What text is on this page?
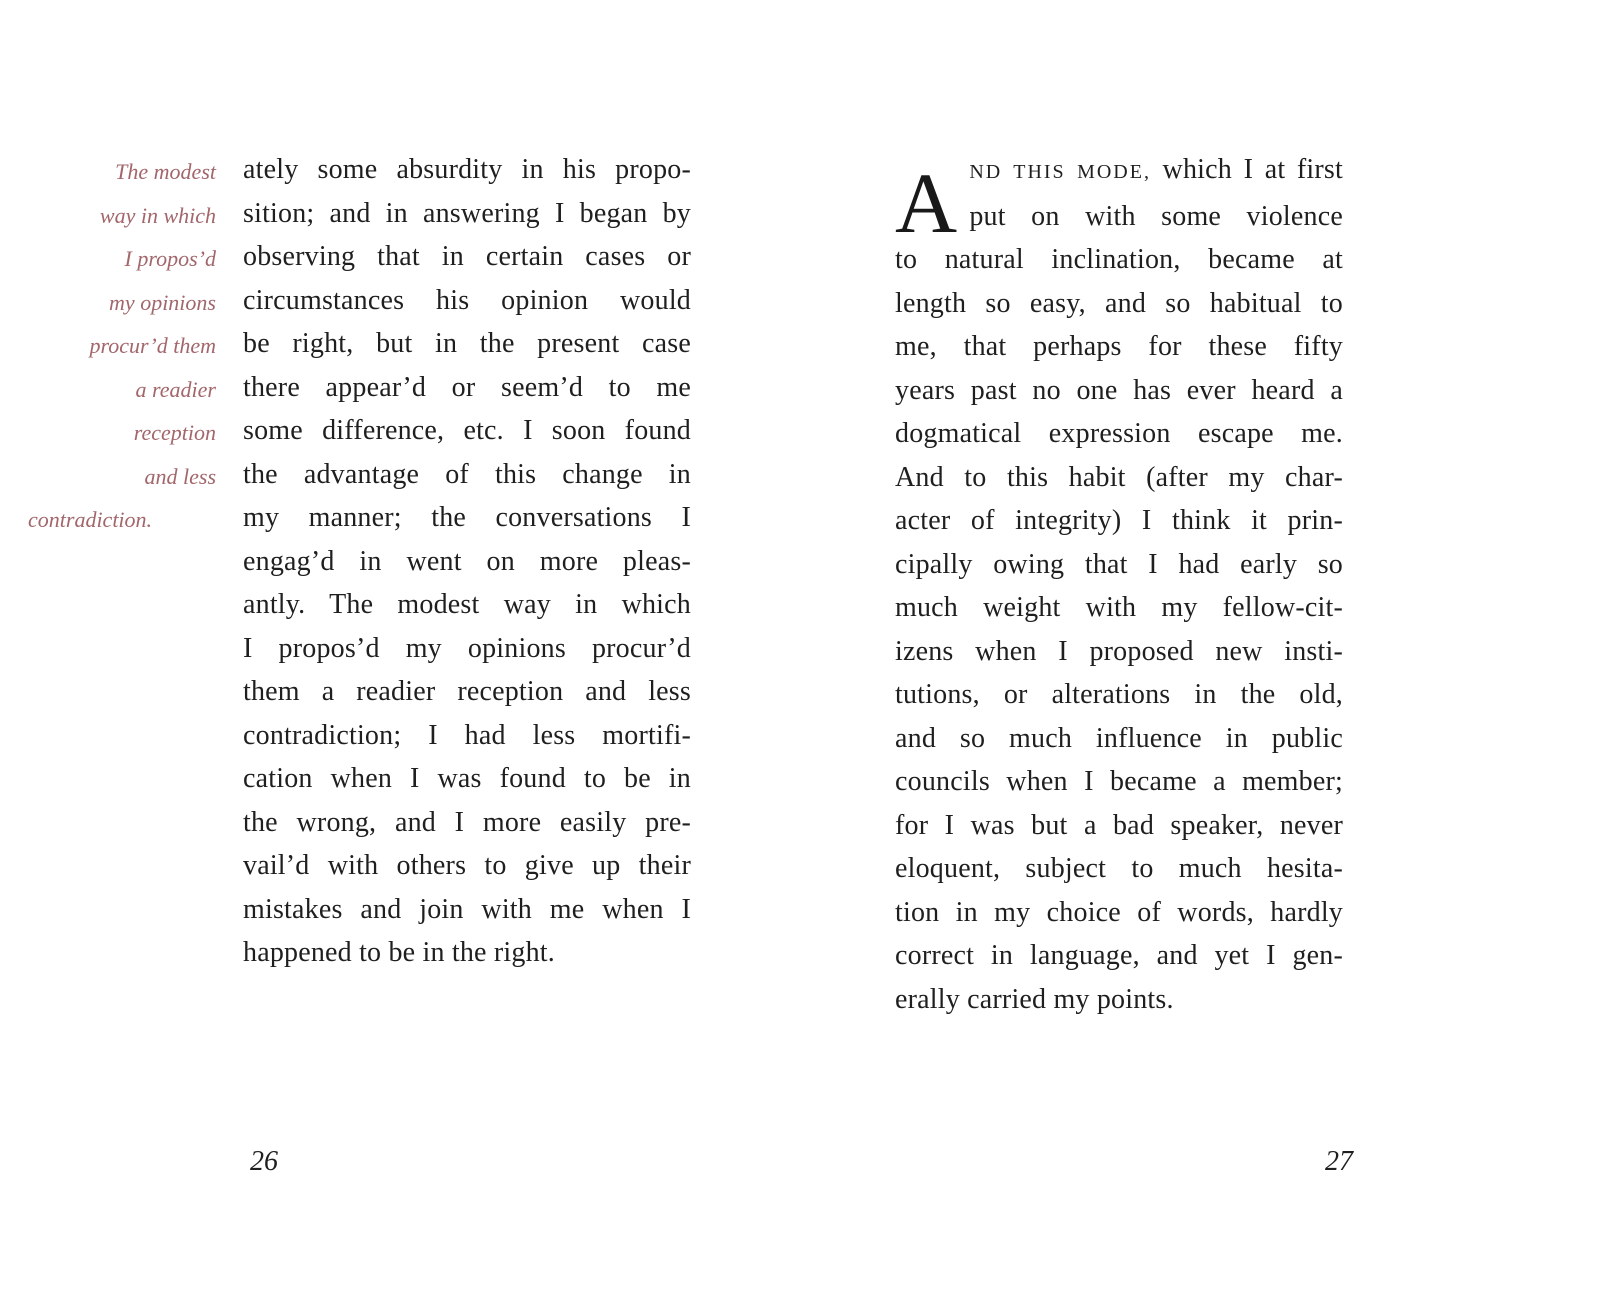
The modest
way in which
I propos’d
my opinions
procur’d them
a readier
reception
and less
contradiction.
ately some absurdity in his propo-
sition; and in answering I began by
observing that in certain cases or
circumstances his opinion would
be right, but in the present case
there appear’d or seem’d to me
some difference, etc. I soon found
the advantage of this change in
my manner; the conversations I
engag’d in went on more pleas-
antly. The modest way in which
I propos’d my opinions procur’d
them a readier reception and less
contradiction; I had less mortifi-
cation when I was found to be in
the wrong, and I more easily pre-
vail’d with others to give up their
mistakes and join with me when I
happened to be in the right.
26
A ND THIS MODE, which I at first
put on with some violence
to natural inclination, became at
length so easy, and so habitual to
me, that perhaps for these fifty
years past no one has ever heard a
dogmatical expression escape me.
And to this habit (after my char-
acter of integrity) I think it prin-
cipally owing that I had early so
much weight with my fellow-cit-
izens when I proposed new insti-
tutions, or alterations in the old,
and so much influence in public
councils when I became a member;
for I was but a bad speaker, never
eloquent, subject to much hesita-
tion in my choice of words, hardly
correct in language, and yet I gen-
erally carried my points.
27
